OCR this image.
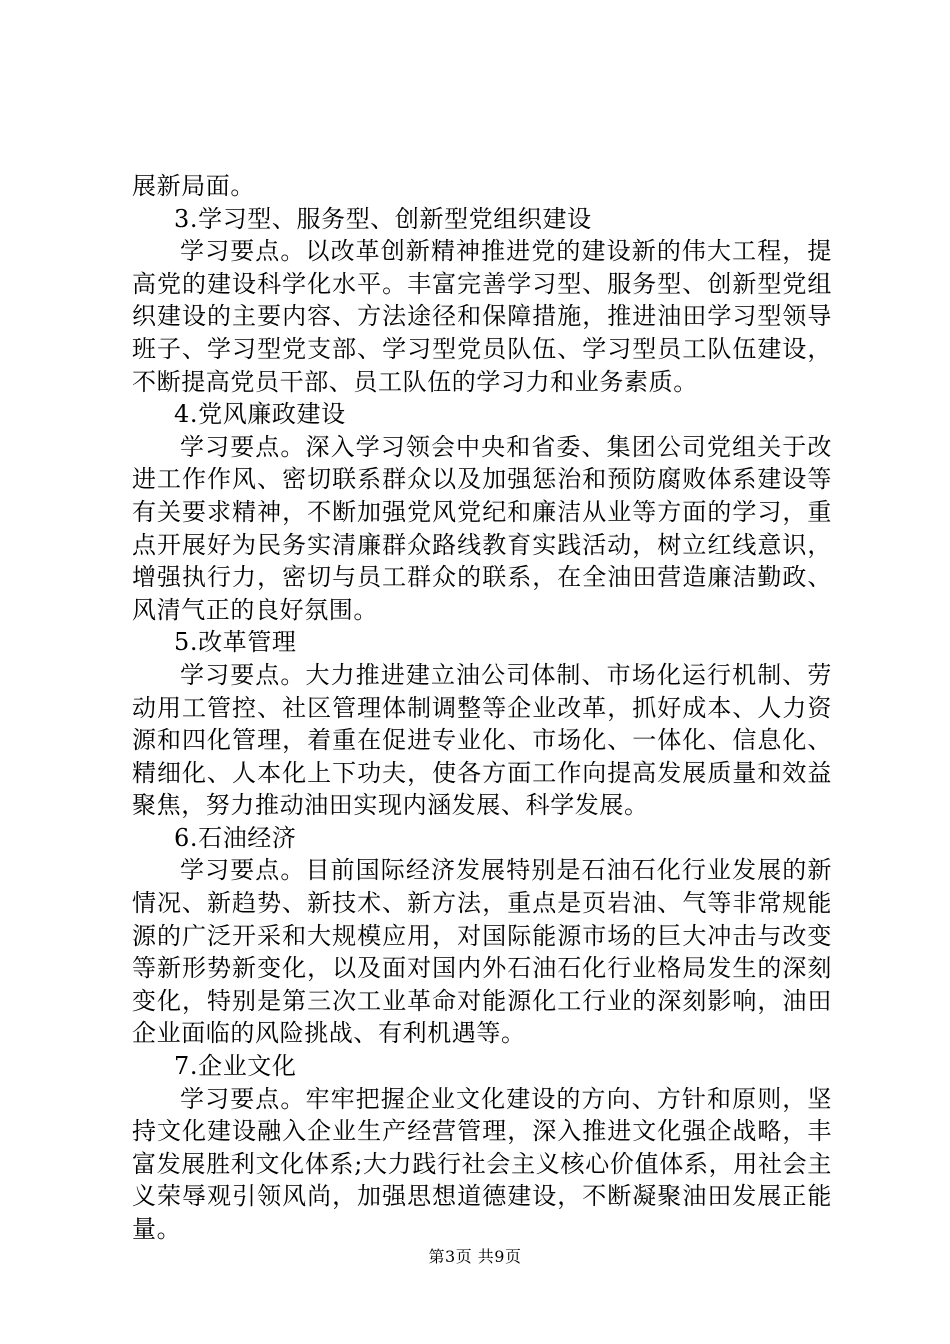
展新局面。

3.学习型、服务型、创新型党组织建设

学习要点。以改革创新精神推进党的建设新的伟大工程，提高党的建设科学化水平。丰富完善学习型、服务型、创新型党组织建设的主要内容、方法途径和保障措施，推进油田学习型领导班子、学习型党支部、学习型党员队伍、学习型员工队伍建设，不断提高党员干部、员工队伍的学习力和业务素质。

4.党风廉政建设

学习要点。深入学习领会中央和省委、集团公司党组关于改进工作作风、密切联系群众以及加强惩治和预防腐败体系建设等有关要求精神，不断加强党风党纪和廉洁从业等方面的学习，重点开展好为民务实清廉群众路线教育实践活动，树立红线意识，增强执行力，密切与员工群众的联系，在全油田营造廉洁勤政、风清气正的良好氛围。

5.改革管理

学习要点。大力推进建立油公司体制、市场化运行机制、劳动用工管控、社区管理体制调整等企业改革，抓好成本、人力资源和四化管理，着重在促进专业化、市场化、一体化、信息化、精细化、人本化上下功夫，使各方面工作向提高发展质量和效益聚焦，努力推动油田实现内涵发展、科学发展。

6.石油经济

学习要点。目前国际经济发展特别是石油石化行业发展的新情况、新趋势、新技术、新方法，重点是页岩油、气等非常规能源的广泛开采和大规模应用，对国际能源市场的巨大冲击与改变等新形势新变化，以及面对国内外石油石化行业格局发生的深刻变化，特别是第三次工业革命对能源化工行业的深刻影响，油田企业面临的风险挑战、有利机遇等。

7.企业文化

学习要点。牢牢把握企业文化建设的方向、方针和原则，坚持文化建设融入企业生产经营管理，深入推进文化强企战略，丰富发展胜利文化体系;大力践行社会主义核心价值体系，用社会主义荣辱观引领风尚，加强思想道德建设，不断凝聚油田发展正能量。

第3页 共9页
